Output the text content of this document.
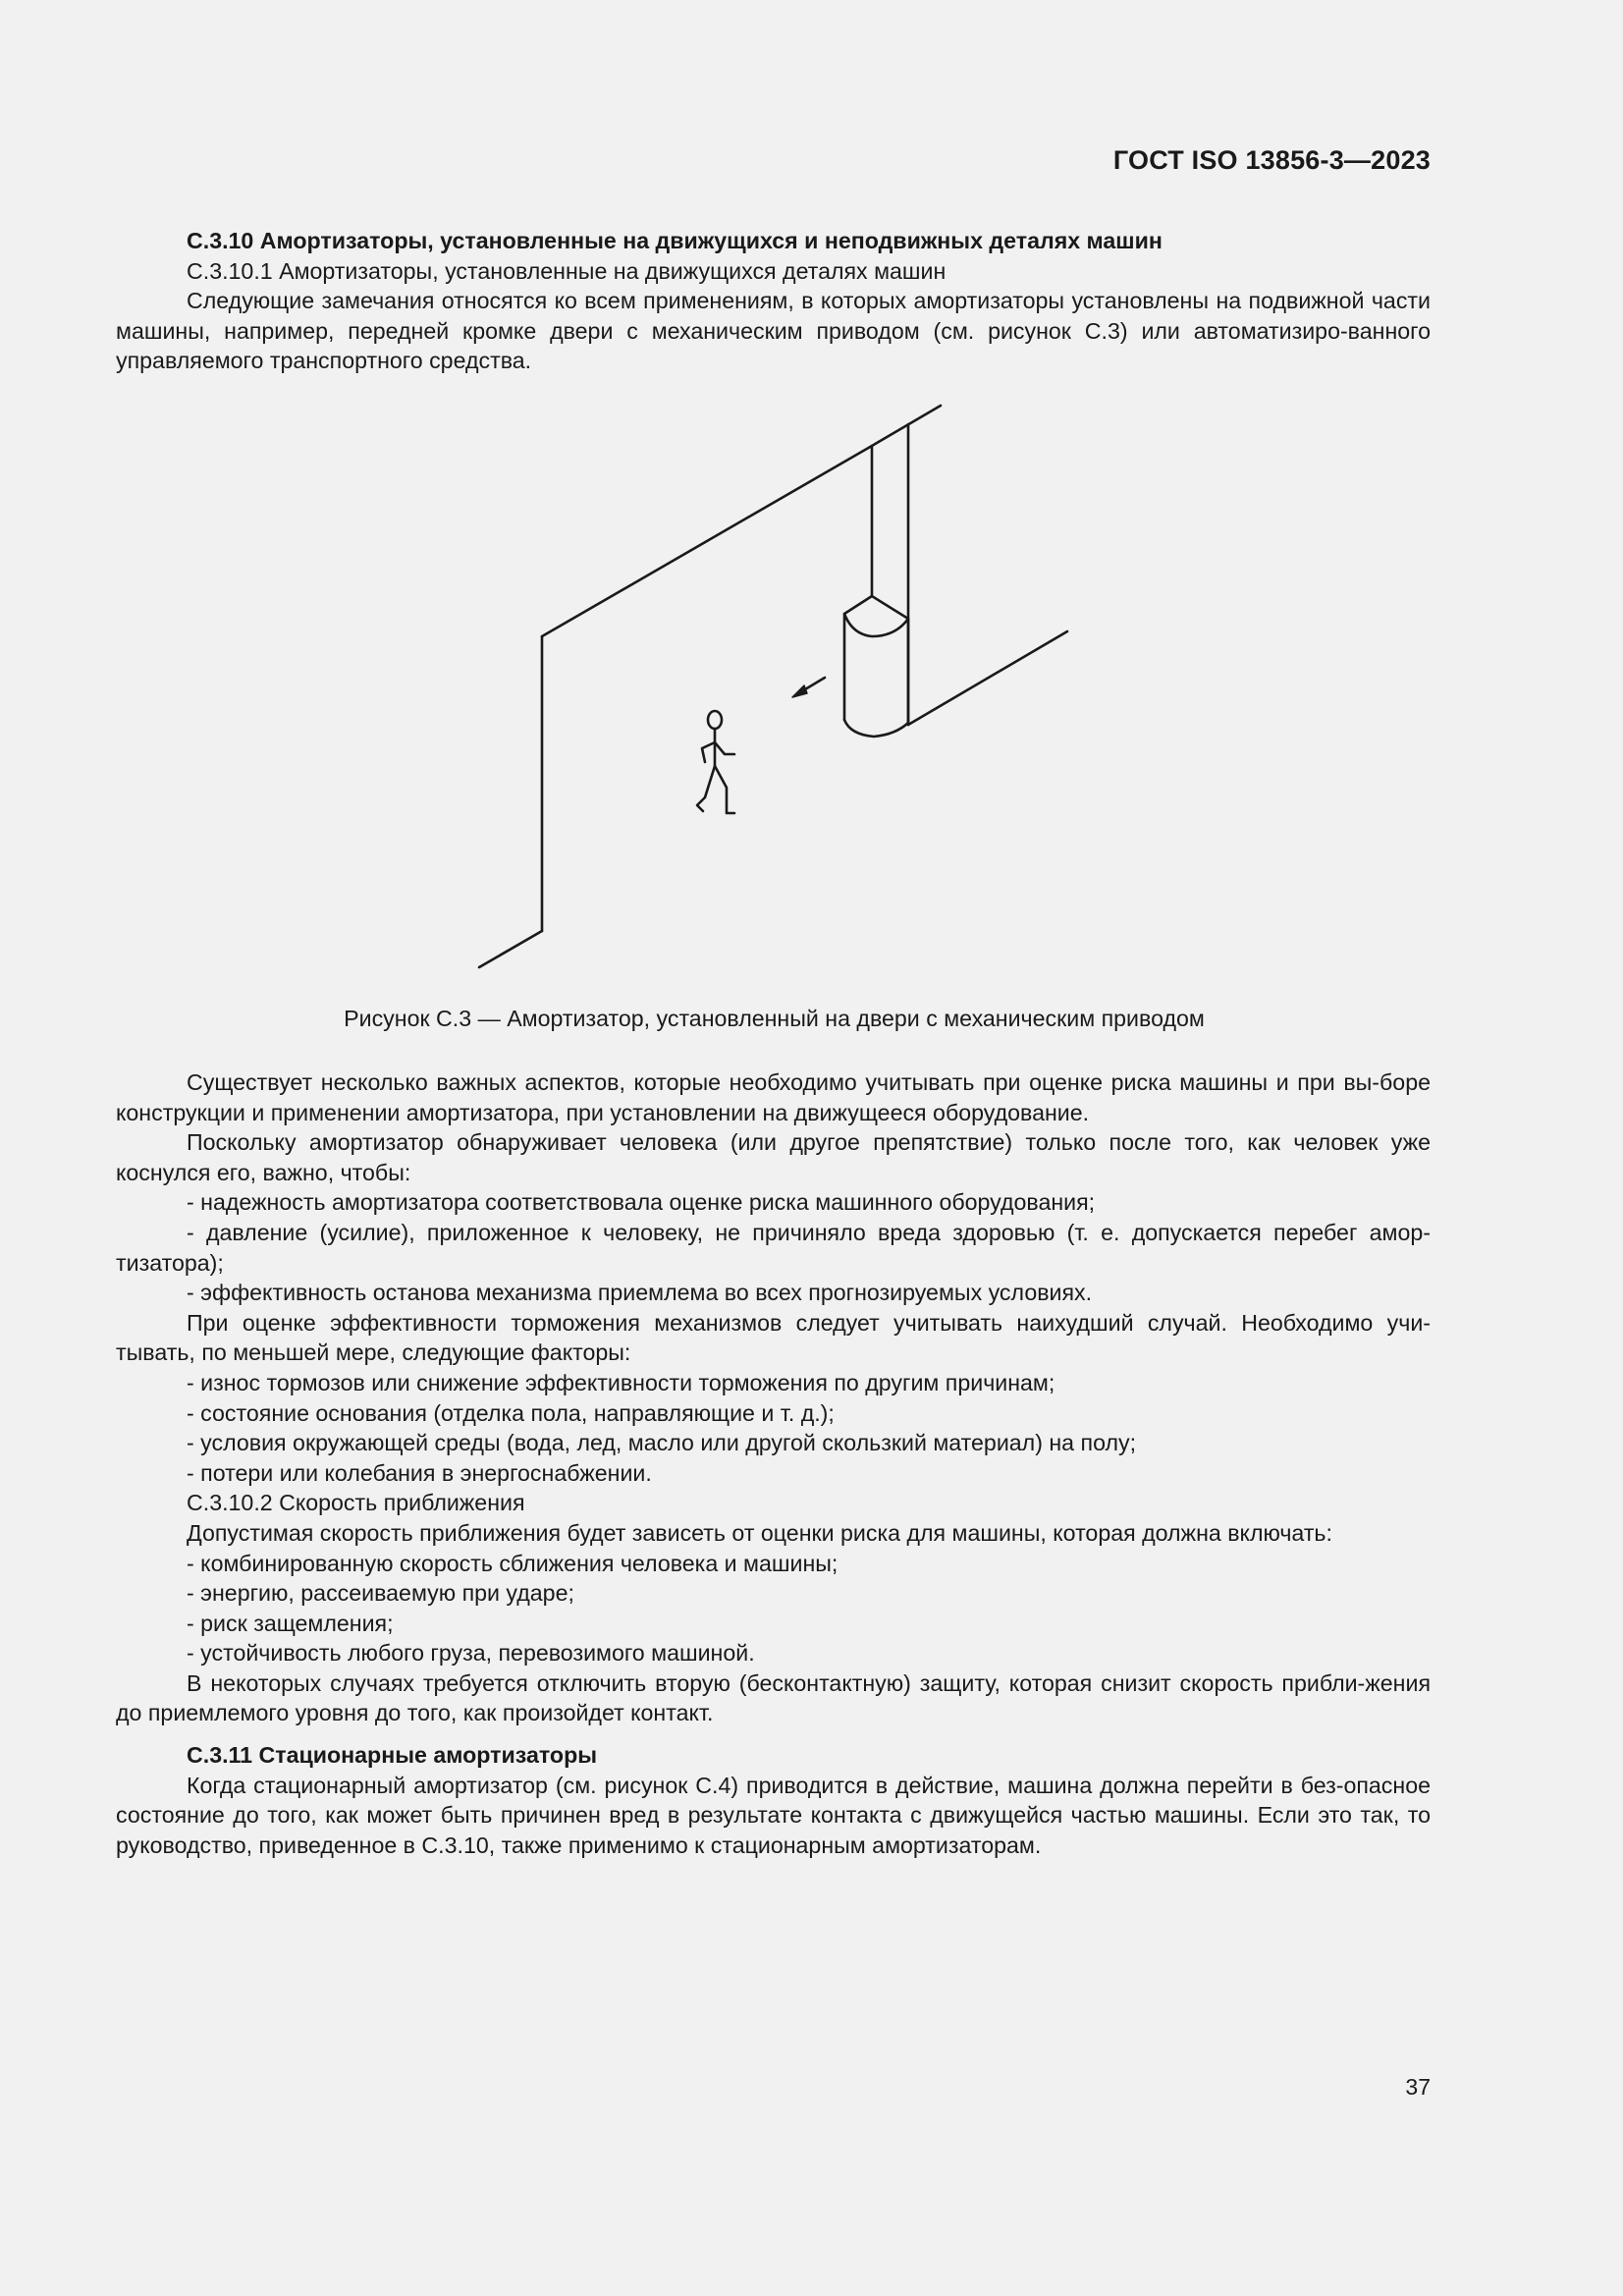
ГОСТ ISO 13856-3—2023

С.3.10 Амортизаторы, установленные на движущихся и неподвижных деталях машин

С.3.10.1 Амортизаторы, установленные на движущихся деталях машин

Следующие замечания относятся ко всем применениям, в которых амортизаторы установлены на подвижной части машины, например, передней кромке двери с механическим приводом (см. рисунок С.3) или автоматизиро-ванного управляемого транспортного средства.

Рисунок С.3 — Амортизатор, установленный на двери с механическим приводом

Существует несколько важных аспектов, которые необходимо учитывать при оценке риска машины и при вы-боре конструкции и применении амортизатора, при установлении на движущееся оборудование.

Поскольку амортизатор обнаруживает человека (или другое препятствие) только после того, как человек уже коснулся его, важно, чтобы:

- надежность амортизатора соответствовала оценке риска машинного оборудования;

- давление (усилие), приложенное к человеку, не причиняло вреда здоровью (т. е. допускается перебег амор-тизатора);

- эффективность останова механизма приемлема во всех прогнозируемых условиях.

При оценке эффективности торможения механизмов следует учитывать наихудший случай. Необходимо учи-тывать, по меньшей мере, следующие факторы:

- износ тормозов или снижение эффективности торможения по другим причинам;

- состояние основания (отделка пола, направляющие и т. д.);

- условия окружающей среды (вода, лед, масло или другой скользкий материал) на полу;

- потери или колебания в энергоснабжении.

С.3.10.2 Скорость приближения

Допустимая скорость приближения будет зависеть от оценки риска для машины, которая должна включать:

- комбинированную скорость сближения человека и машины;

- энергию, рассеиваемую при ударе;

- риск защемления;

- устойчивость любого груза, перевозимого машиной.

В некоторых случаях требуется отключить вторую (бесконтактную) защиту, которая снизит скорость прибли-жения до приемлемого уровня до того, как произойдет контакт.

С.3.11 Стационарные амортизаторы

Когда стационарный амортизатор (см. рисунок С.4) приводится в действие, машина должна перейти в без-опасное состояние до того, как может быть причинен вред в результате контакта с движущейся частью машины. Если это так, то руководство, приведенное в С.3.10, также применимо к стационарным амортизаторам.

37
